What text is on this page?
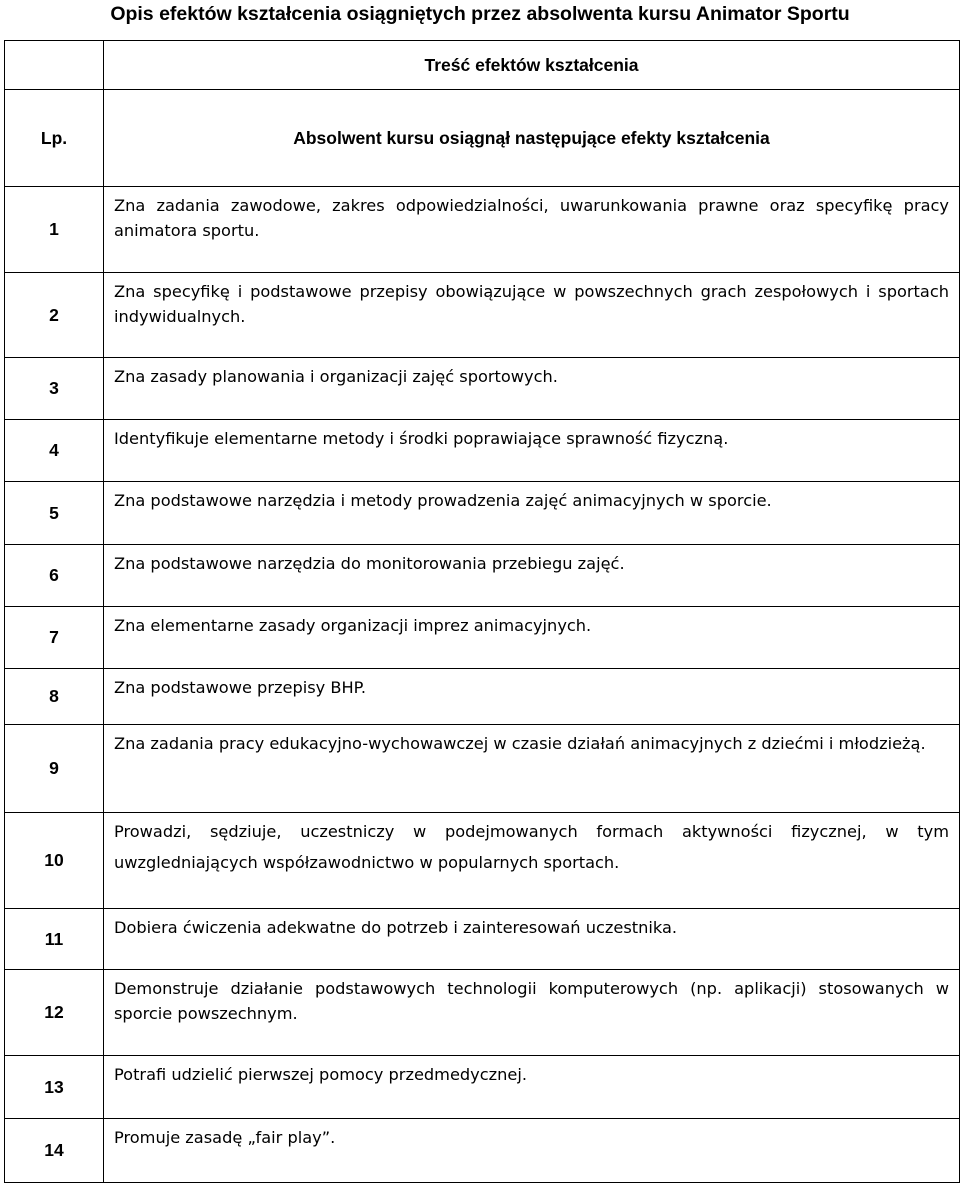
Opis efektów kształcenia osiągniętych przez absolwenta kursu Animator Sportu
	Treść efektów kształcenia
Lp.	Absolwent kursu osiągnął następujące efekty kształcenia
1	Zna zadania zawodowe, zakres odpowiedzialności, uwarunkowania prawne oraz specyfikę pracy animatora sportu.

2	Zna specyfikę i podstawowe przepisy obowiązujące w powszechnych grach zespołowych i sportach indywidualnych.

3	Zna zasady planowania i organizacji zajęć sportowych.

4	Identyfikuje elementarne metody i środki poprawiające sprawność fizyczną.

5	Zna podstawowe narzędzia i metody prowadzenia zajęć animacyjnych w sporcie.

6	Zna podstawowe narzędzia do monitorowania przebiegu zajęć.

7	Zna elementarne zasady organizacji imprez animacyjnych.

8	Zna podstawowe przepisy BHP.

9	Zna zadania pracy edukacyjno-wychowawczej w czasie działań animacyjnych z dziećmi i młodzieżą.

10	Prowadzi, sędziuje, uczestniczy w podejmowanych formach aktywności fizycznej, w tym uwzgledniających współzawodnictwo w popularnych sportach.

11	Dobiera ćwiczenia adekwatne do potrzeb i zainteresowań uczestnika.

12	Demonstruje działanie podstawowych technologii komputerowych (np. aplikacji) stosowanych w sporcie powszechnym.

13	Potrafi udzielić pierwszej pomocy przedmedycznej.

14	Promuje zasadę „fair play”.
